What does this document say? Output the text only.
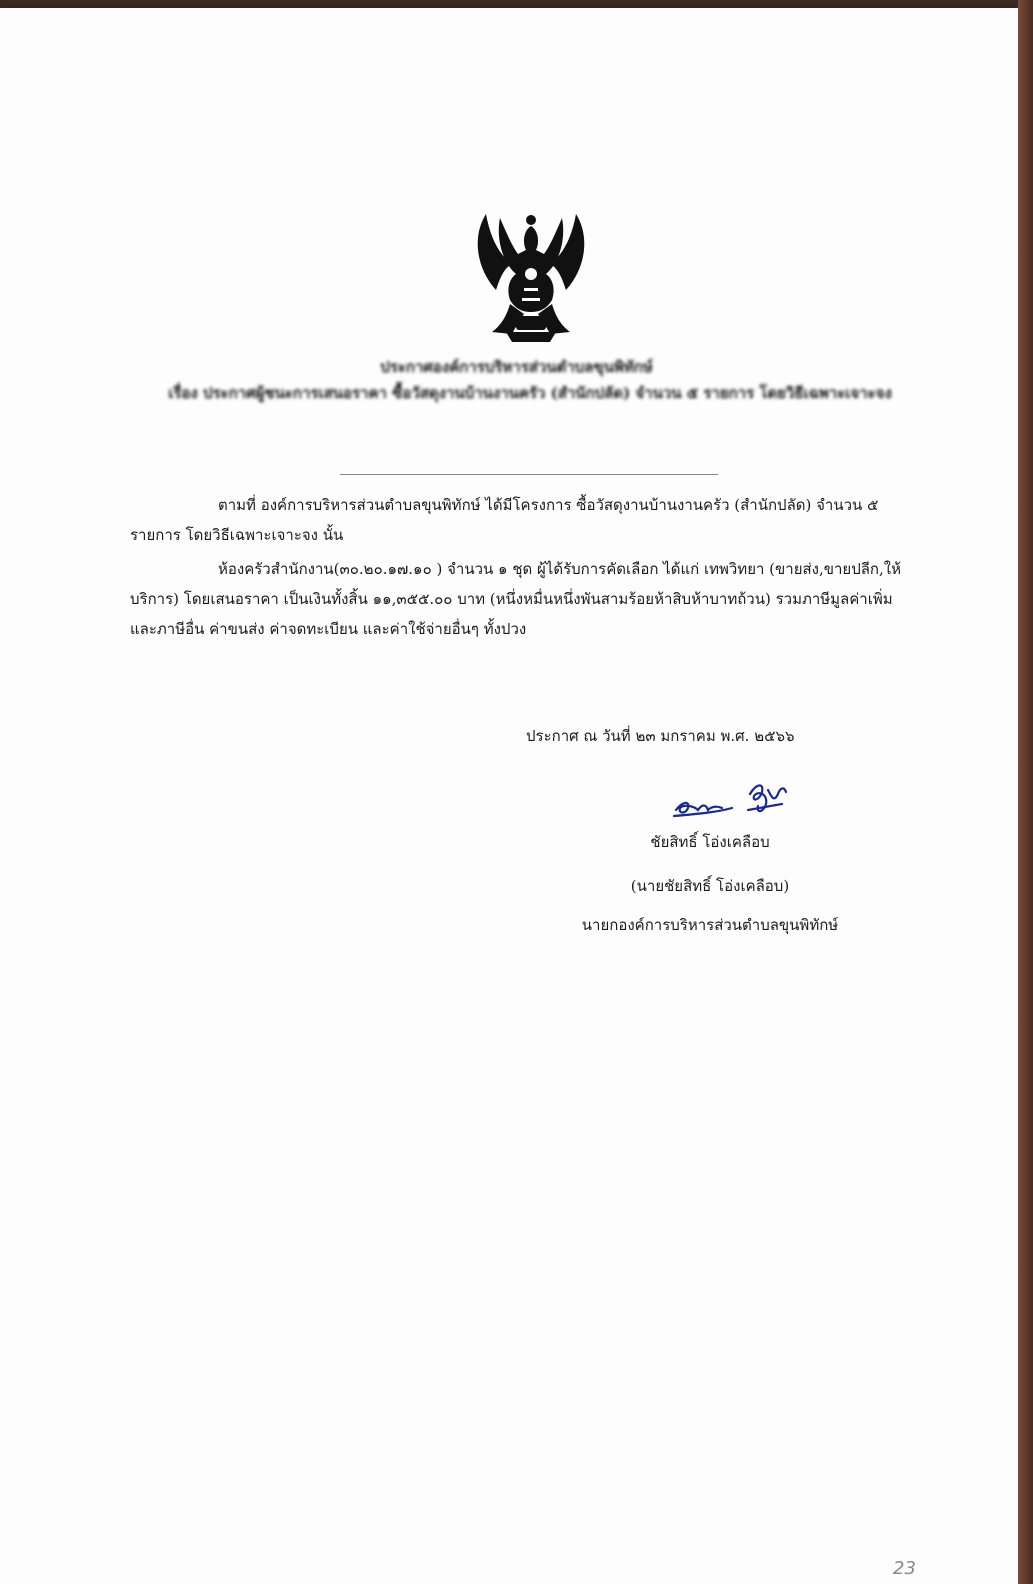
ประกาศองค์การบริหารส่วนตำบลขุนพิทักษ์
เรื่อง ประกาศผู้ชนะการเสนอราคา ซื้อวัสดุงานบ้านงานครัว (สำนักปลัด) จำนวน ๕ รายการ โดยวิธีเฉพาะเจาะจง
ตามที่ องค์การบริหารส่วนตำบลขุนพิทักษ์ ได้มีโครงการ ซื้อวัสดุงานบ้านงานครัว (สำนักปลัด) จำนวน ๕ รายการ โดยวิธีเฉพาะเจาะจง นั้น
ห้องครัวสำนักงาน(๓๐.๒๐.๑๗.๑๐ ) จำนวน ๑ ชุด ผู้ได้รับการคัดเลือก ได้แก่ เทพวิทยา (ขายส่ง,ขายปลีก,ให้บริการ) โดยเสนอราคา เป็นเงินทั้งสิ้น ๑๑,๓๕๕.๐๐ บาท (หนึ่งหมื่นหนึ่งพันสามร้อยห้าสิบห้าบาทถ้วน) รวมภาษีมูลค่าเพิ่มและภาษีอื่น ค่าขนส่ง ค่าจดทะเบียน และค่าใช้จ่ายอื่นๆ ทั้งปวง
ประกาศ ณ วันที่ ๒๓ มกราคม พ.ศ. ๒๕๖๖
ชัยสิทธิ์ โอ่งเคลือบ
(นายชัยสิทธิ์ โอ่งเคลือบ)
นายกองค์การบริหารส่วนตำบลขุนพิทักษ์
23
